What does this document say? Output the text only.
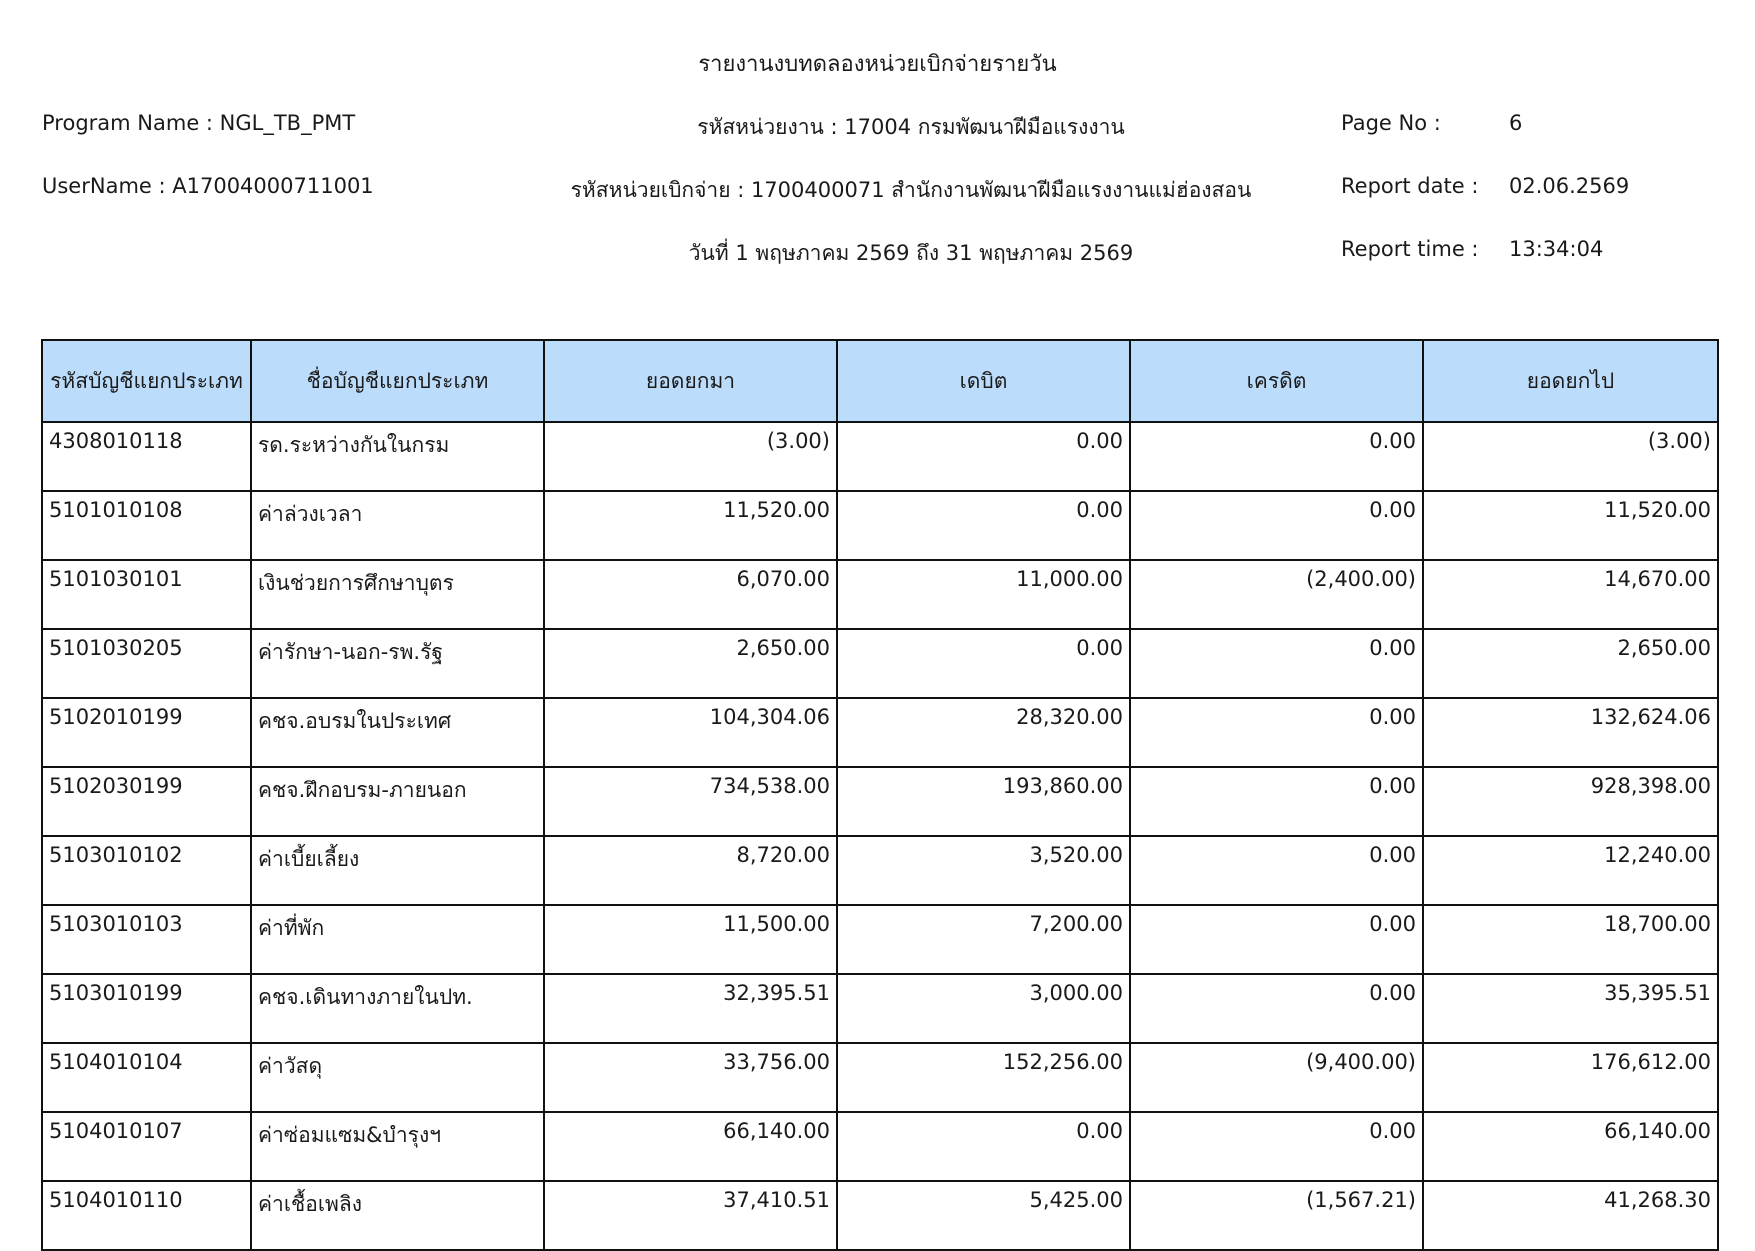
รายงานงบทดลองหน่วยเบิกจ่ายรายวัน
Program Name : NGL_TB_PMT	รหัสหน่วยงาน : 17004 กรมพัฒนาฝีมือแรงงาน	Page No :	6
UserName : A17004000711001	รหัสหน่วยเบิกจ่าย : 1700400071 สำนักงานพัฒนาฝีมือแรงงานแม่ฮ่องสอน	Report date : 02.06.2569
วันที่ 1 พฤษภาคม 2569 ถึง 31 พฤษภาคม 2569	Report time : 13:34:04
รหัสบัญชีแยกประเภท	ชื่อบัญชีแยกประเภท	ยอดยกมา	เดบิต	เครดิต	ยอดยกไป
4308010118	รด.ระหว่างกันในกรม	(3.00)	0.00	0.00	(3.00)
5101010108	ค่าล่วงเวลา	11,520.00	0.00	0.00	11,520.00
5101030101	เงินช่วยการศึกษาบุตร	6,070.00	11,000.00	(2,400.00)	14,670.00
5101030205	ค่ารักษา-นอก-รพ.รัฐ	2,650.00	0.00	0.00	2,650.00
5102010199	คชจ.อบรมในประเทศ	104,304.06	28,320.00	0.00	132,624.06
5102030199	คชจ.ฝึกอบรม-ภายนอก	734,538.00	193,860.00	0.00	928,398.00
5103010102	ค่าเบี้ยเลี้ยง	8,720.00	3,520.00	0.00	12,240.00
5103010103	ค่าที่พัก	11,500.00	7,200.00	0.00	18,700.00
5103010199	คชจ.เดินทางภายในปท.	32,395.51	3,000.00	0.00	35,395.51
5104010104	ค่าวัสดุ	33,756.00	152,256.00	(9,400.00)	176,612.00
5104010107	ค่าซ่อมแซม&บำรุงฯ	66,140.00	0.00	0.00	66,140.00
5104010110	ค่าเชื้อเพลิง	37,410.51	5,425.00	(1,567.21)	41,268.30
